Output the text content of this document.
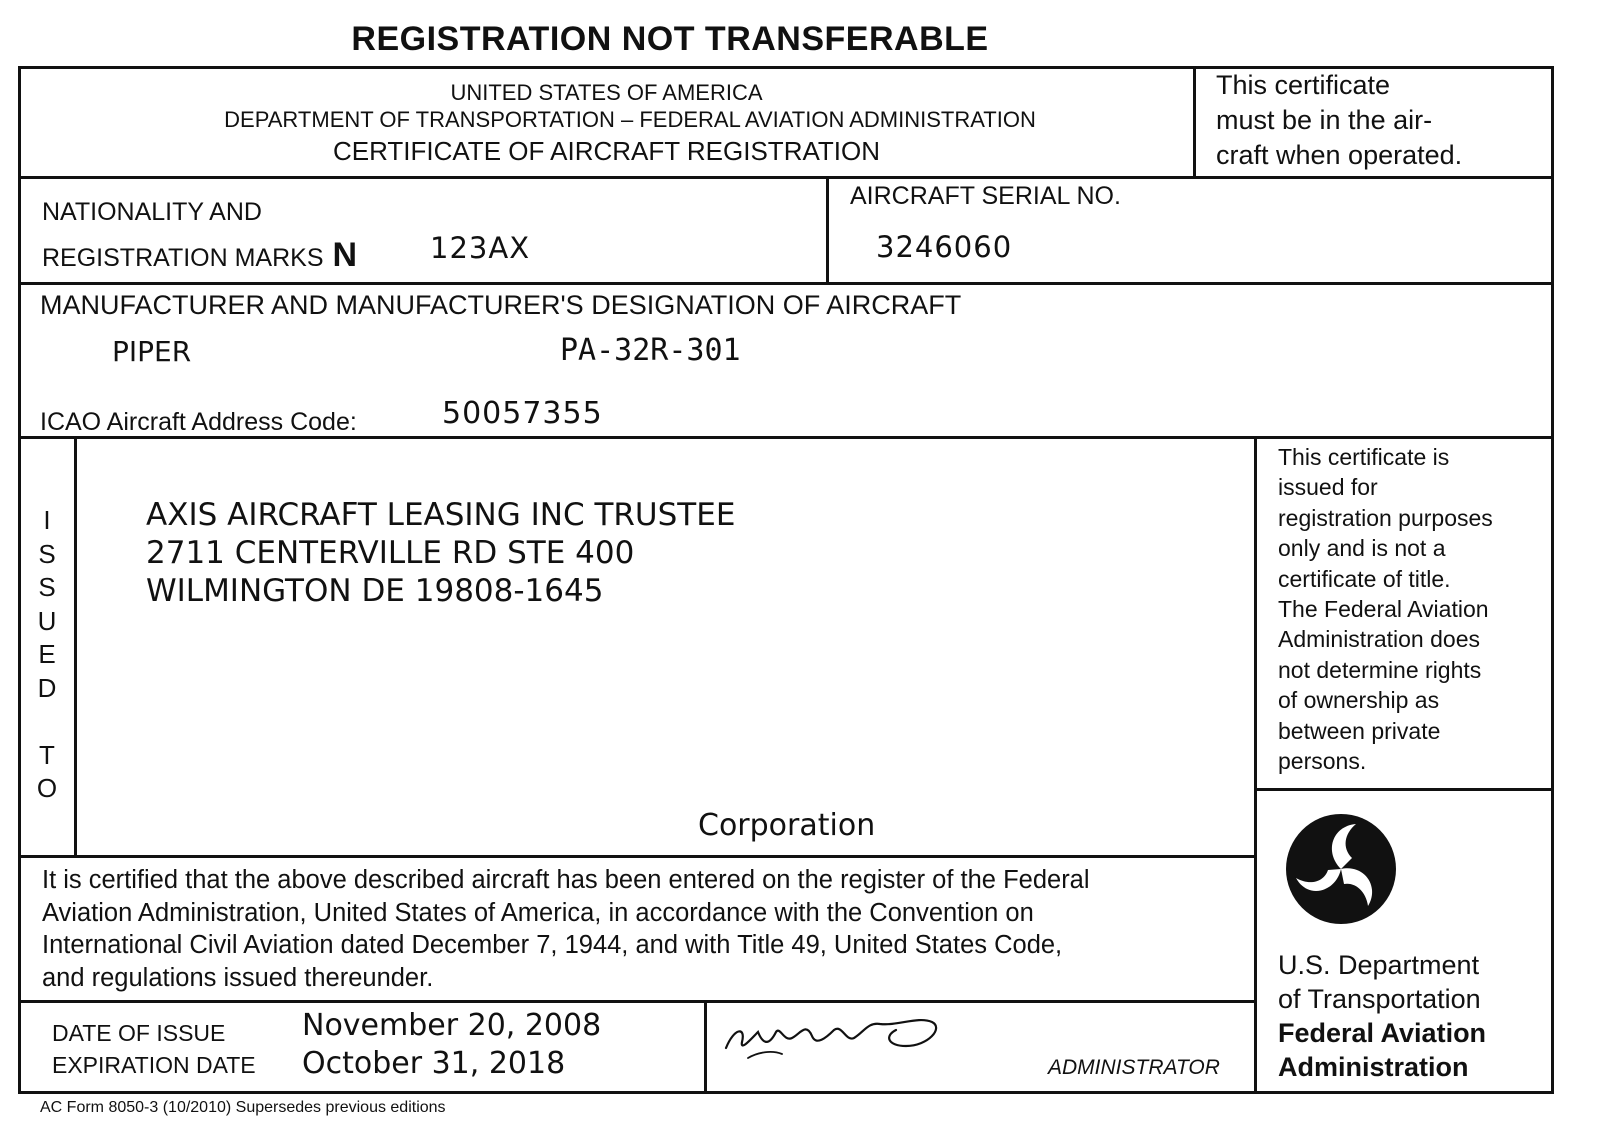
REGISTRATION NOT TRANSFERABLE
UNITED STATES OF AMERICA
DEPARTMENT OF TRANSPORTATION – FEDERAL AVIATION ADMINISTRATION
CERTIFICATE OF AIRCRAFT REGISTRATION
This certificate
must be in the air-
craft when operated.
NATIONALITY AND
REGISTRATION MARKS N	123AX
AIRCRAFT SERIAL NO.
3246060
MANUFACTURER AND MANUFACTURER'S DESIGNATION OF AIRCRAFT
PIPER	PA-32R-301
ICAO Aircraft Address Code:	50057355
I
S
S
U
E
D
T
O
AXIS AIRCRAFT LEASING INC TRUSTEE
2711 CENTERVILLE RD STE 400
WILMINGTON DE 19808-1645
Corporation
This certificate is
issued for
registration purposes
only and is not a
certificate of title.
The Federal Aviation
Administration does
not determine rights
of ownership as
between private
persons.
It is certified that the above described aircraft has been entered on the register of the Federal
Aviation Administration, United States of America, in accordance with the Convention on
International Civil Aviation dated December 7, 1944, and with Title 49, United States Code,
and regulations issued thereunder.	U.S. Department
of Transportation
Federal Aviation
Administration
DATE OF ISSUE	November 20, 2008
EXPIRATION DATE October 31, 2018	ADMINISTRATOR
AC Form 8050-3 (10/2010) Supersedes previous editions
